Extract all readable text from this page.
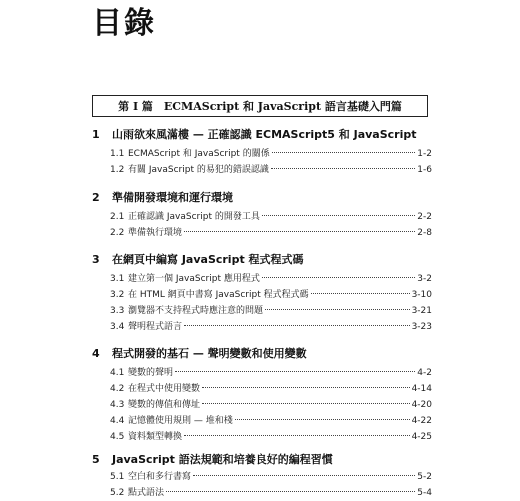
目錄
第 I 篇　ECMAScript 和 JavaScript 語言基礎入門篇
1	山雨欲來風滿樓 — 正確認識 ECMAScript5 和 JavaScript
1.1 ECMAScript 和 JavaScript 的關係	1-2
1.2 有關 JavaScript 的易犯的錯誤認識	1-6
2	準備開發環境和運行環境
2.1 正確認識 JavaScript 的開發工具	2-2
2.2 準備執行環境	2-8
3	在網頁中編寫 JavaScript 程式程式碼
3.1 建立第一個 JavaScript 應用程式	3-2
3.2 在 HTML 網頁中書寫 JavaScript 程式程式碼	3-10
3.3 瀏覽器不支持程式時應注意的問題	3-21
3.4 聲明程式語言	3-23
4	程式開發的基石 — 聲明變數和使用變數
4.1 變數的聲明	4-2
4.2 在程式中使用變數	4-14
4.3 變數的傳值和傳址	4-20
4.4 記憶體使用規則 — 堆和棧	4-22
4.5 資料類型轉換	4-25
5	JavaScript 語法規範和培養良好的編程習慣
5.1 空白和多行書寫	5-2
5.2 點式語法	5-4
